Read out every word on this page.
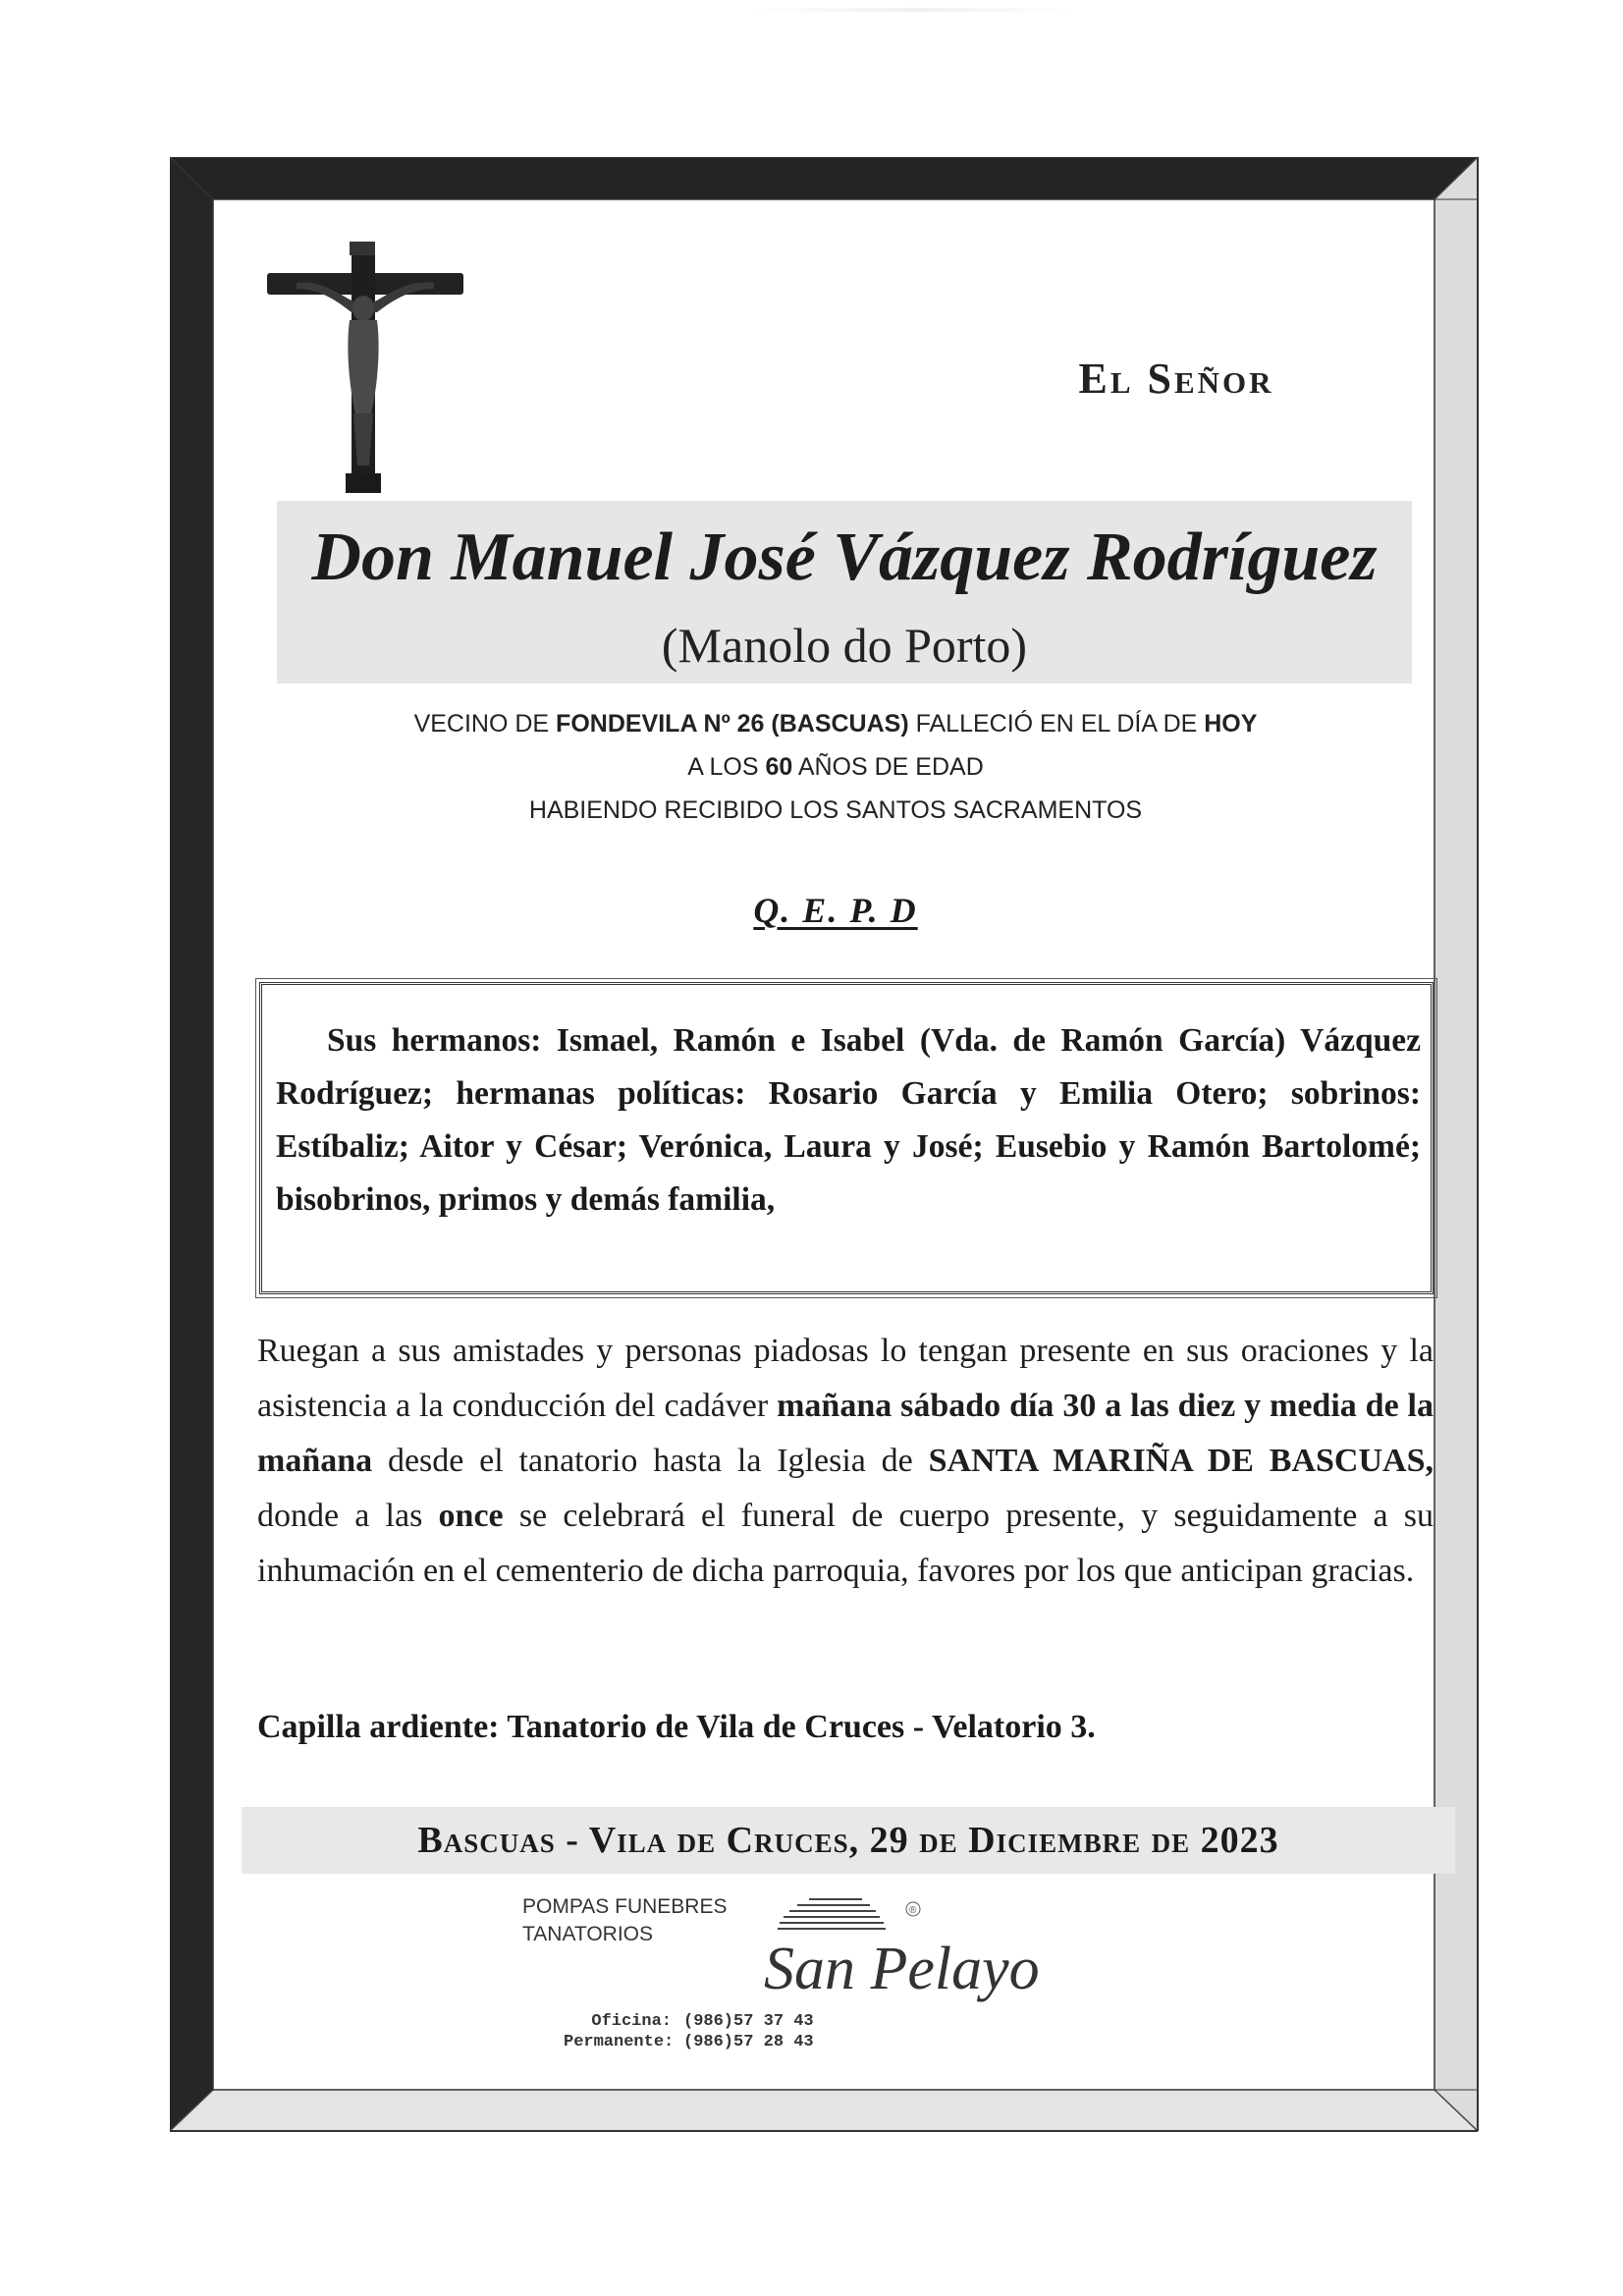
El Señor
Don Manuel José Vázquez Rodríguez
(Manolo do Porto)
VECINO DE FONDEVILA Nº 26 (BASCUAS) FALLECIÓ EN EL DÍA DE HOY
A LOS 60 AÑOS DE EDAD
HABIENDO RECIBIDO LOS SANTOS SACRAMENTOS
Q. E. P. D
Sus hermanos: Ismael, Ramón e Isabel (Vda. de Ramón García) Vázquez Rodríguez; hermanas políticas: Rosario García y Emilia Otero; sobrinos: Estíbaliz; Aitor y César; Verónica, Laura y José; Eusebio y Ramón Bartolomé; bisobrinos, primos y demás familia,
Ruegan a sus amistades y personas piadosas lo tengan presente en sus oraciones y la asistencia a la conducción del cadáver mañana sábado día 30 a las diez y media de la mañana desde el tanatorio hasta la Iglesia de SANTA MARIÑA DE BASCUAS, donde a las once se celebrará el funeral de cuerpo presente, y seguidamente a su inhumación en el cementerio de dicha parroquia, favores por los que anticipan gracias.
Capilla ardiente: Tanatorio de Vila de Cruces - Velatorio 3.
Bascuas - Vila de Cruces, 29 de Diciembre de 2023
POMPAS FUNEBRES
TANATORIOS
®
San Pelayo
Oficina: (986)57 37 43
Permanente: (986)57 28 43
